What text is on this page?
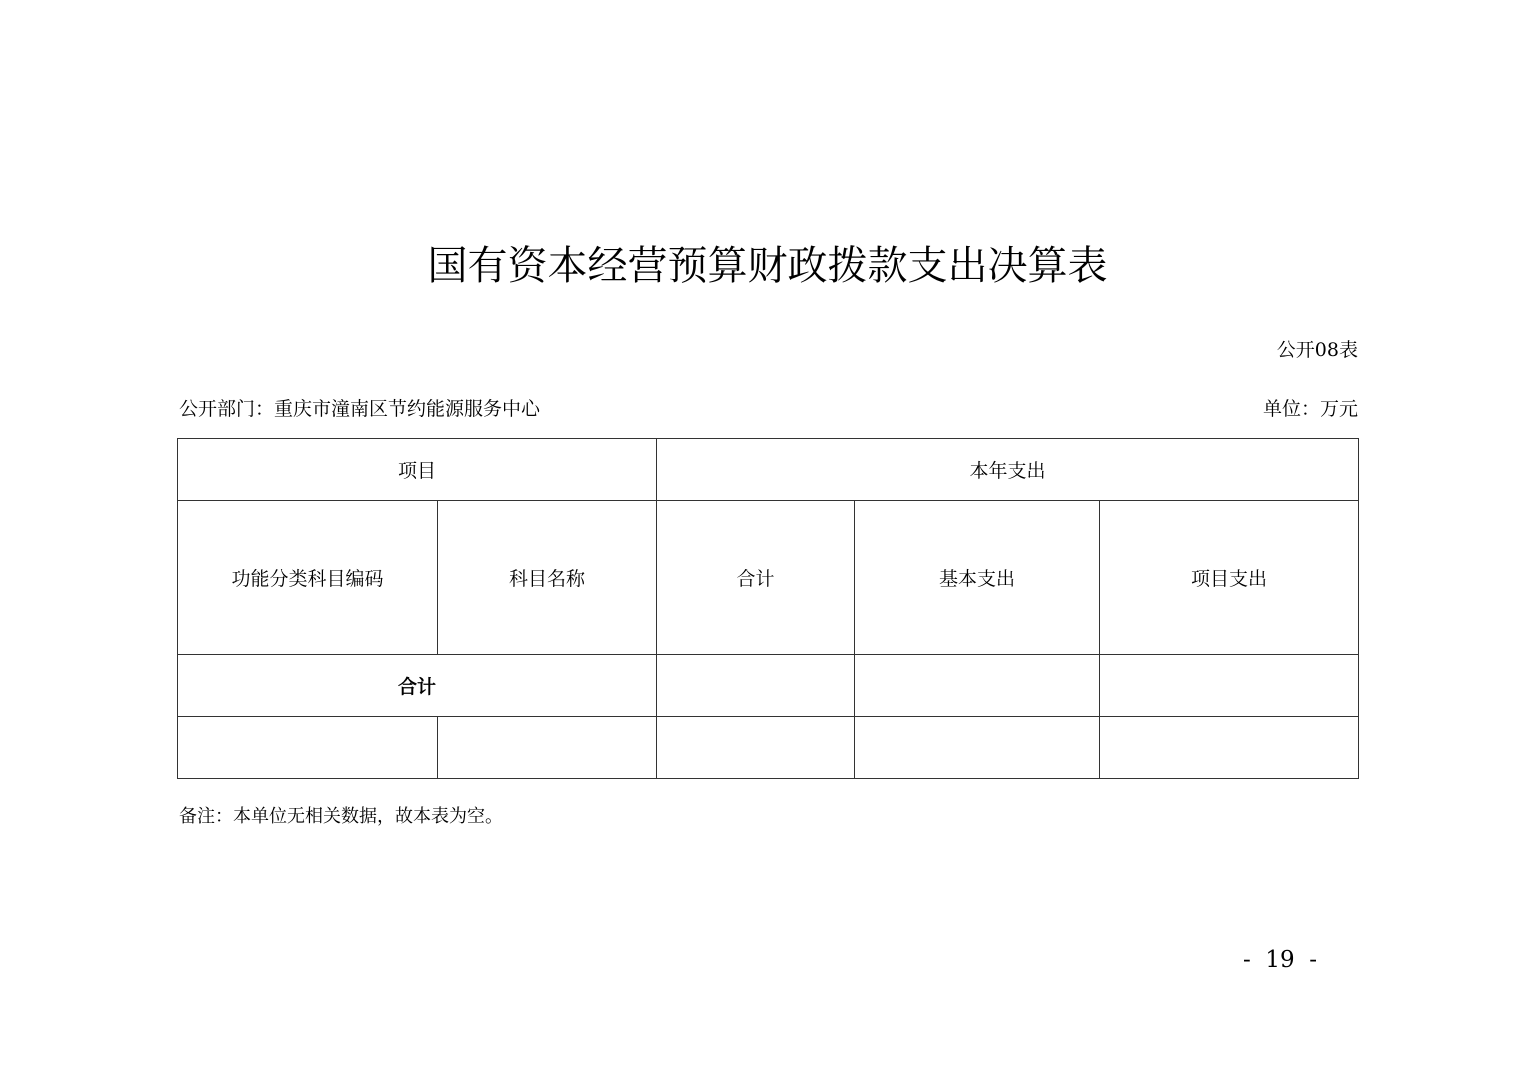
国有资本经营预算财政拨款支出决算表
公开08表
公开部门：重庆市潼南区节约能源服务中心	单位：万元
项目		本年支出		
功能分类科目编码	科目名称	合计	基本支出	项目支出
合计				

备注：本单位无相关数据，故本表为空。
-  19  -
